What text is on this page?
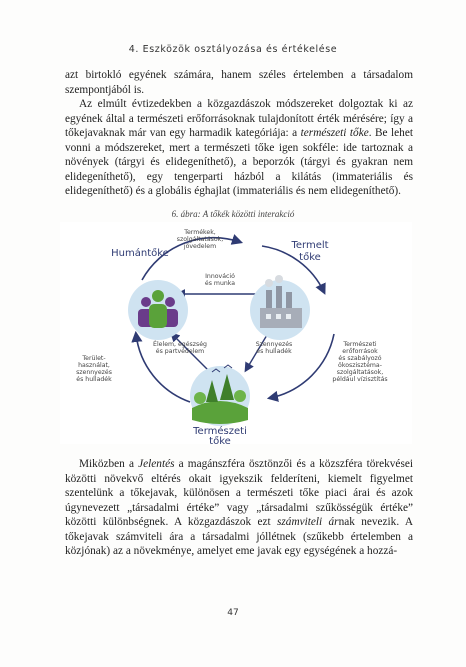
4. Eszközök osztályozása és értékelése

azt birtokló egyének számára, hanem széles értelemben a társadalom szempontjából is.

Az elmúlt évtizedekben a közgazdászok módszereket dolgoztak ki az egyének által a természeti erőforrásoknak tulajdonított érték mérésére; így a tőkejavaknak már van egy harmadik kategóriája: a természeti tőke. Be lehet vonni a módszereket, mert a természeti tőke igen sokféle: ide tartoznak a növények (tárgyi és elidegeníthető), a beporzók (tárgyi és gyakran nem elidegeníthető), egy tengerparti házból a kilátás (immateriális és elidegeníthető) és a globális éghajlat (immateriális és nem elidegeníthető).

6. ábra: A tőkék közötti interakció
Humántőke
Termelt
tőke
Természeti
tőke
Termékek,
szolgáltatások,
jövedelem
Innováció
és munka
Élelem, egészség
és partvédelem
Szennyezés
és hulladék
Terület-
használat,
szennyezés
és hulladék
Természeti
erőforrások
és szabályozó
ökoszisztéma-
szolgáltatások,
például vízisztítás

Miközben a Jelentés a magánszféra ösztönzői és a közszféra törekvései közötti növekvő eltérés okait igyekszik felderíteni, kiemelt figyelmet szentelünk a tőkejavak, különösen a természeti tőke piaci árai és azok úgynevezett „társadalmi értéke” vagy „társadalmi szűkösségük értéke” közötti különbségnek. A közgazdászok ezt számviteli árnak nevezik. A tőkejavak számviteli ára a társadalmi jóllétnek (szűkebb értelemben a közjónak) az a növekménye, amelyet eme javak egy egységének a hozzá-

47
